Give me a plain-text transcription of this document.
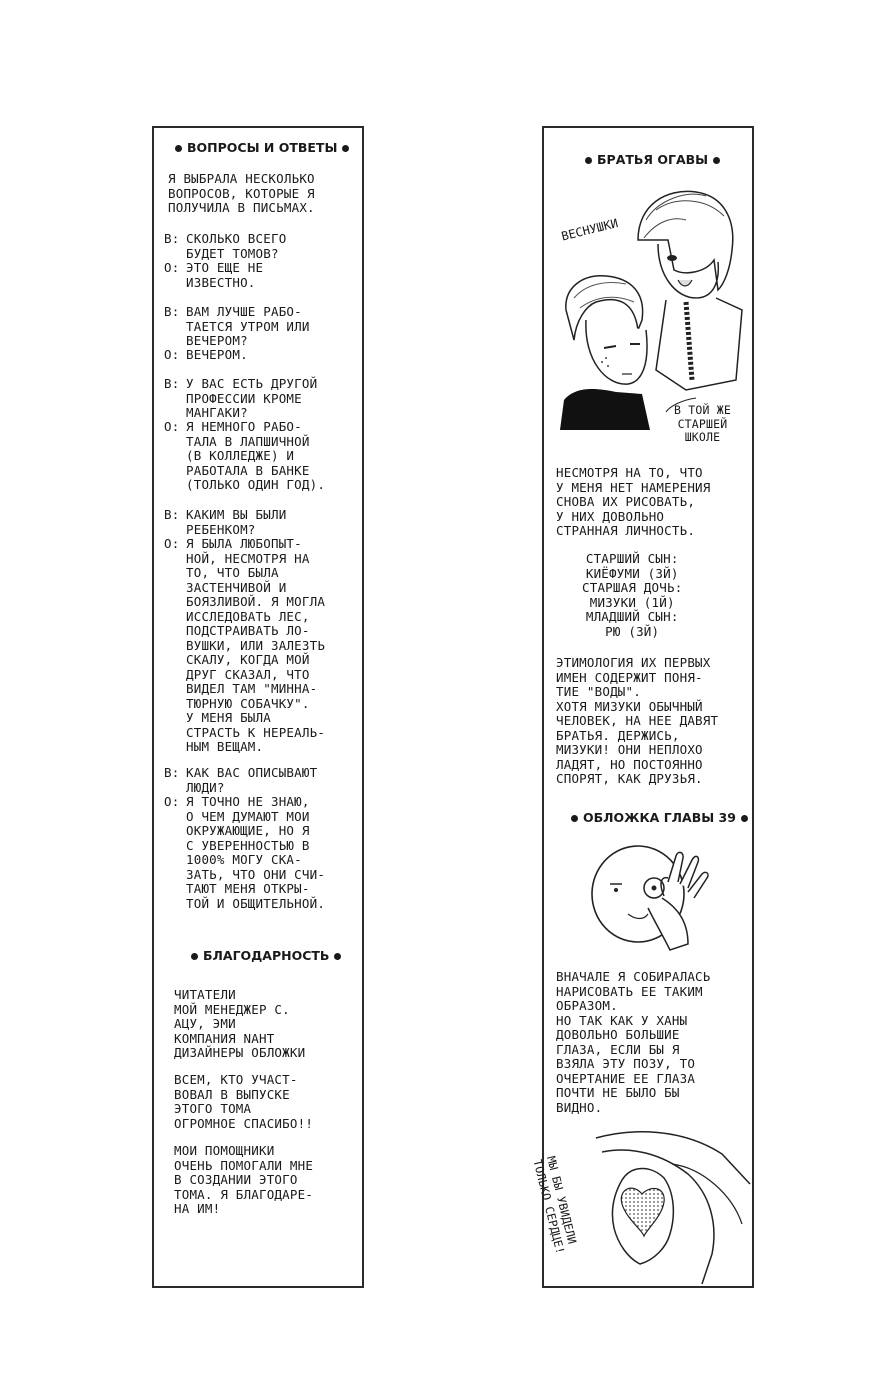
ВОПРОСЫ И ОТВЕТЫ
Я ВЫБРАЛА НЕСКОЛЬКО
ВОПРОСОВ, КОТОРЫЕ Я
ПОЛУЧИЛА В ПИСЬМАХ.
В: СКОЛЬКО ВСЕГО
БУДЕТ ТОМОВ?
О: ЭТО ЕЩЕ НЕ
ИЗВЕСТНО.
В: ВАМ ЛУЧШЕ РАБО-
ТАЕТСЯ УТРОМ ИЛИ
ВЕЧЕРОМ?
О: ВЕЧЕРОМ.
В: У ВАС ЕСТЬ ДРУГОЙ
ПРОФЕССИИ КРОМЕ
МАНГАКИ?
О: Я НЕМНОГО РАБО-
ТАЛА В ЛАПШИЧНОЙ
(В КОЛЛЕДЖЕ) И
РАБОТАЛА В БАНКЕ
(ТОЛЬКО ОДИН ГОД).
В: КАКИМ ВЫ БЫЛИ
РЕБЕНКОМ?
О: Я БЫЛА ЛЮБОПЫТ-
НОЙ, НЕСМОТРЯ НА
ТО, ЧТО БЫЛА
ЗАСТЕНЧИВОЙ И
БОЯЗЛИВОЙ. Я МОГЛА
ИССЛЕДОВАТЬ ЛЕС,
ПОДСТРАИВАТЬ ЛО-
ВУШКИ, ИЛИ ЗАЛЕЗТЬ
СКАЛУ, КОГДА МОЙ
ДРУГ СКАЗАЛ, ЧТО
ВИДЕЛ ТАМ "МИННА-
ТЮРНУЮ СОБАЧКУ".
У МЕНЯ БЫЛА
СТРАСТЬ К НЕРЕАЛЬ-
НЫМ ВЕЩАМ.
В: КАК ВАС ОПИСЫВАЮТ
ЛЮДИ?
О: Я ТОЧНО НЕ ЗНАЮ,
О ЧЕМ ДУМАЮТ МОИ
ОКРУЖАЮЩИЕ, НО Я
С УВЕРЕННОСТЬЮ В
1000% МОГУ СКА-
ЗАТЬ, ЧТО ОНИ СЧИ-
ТАЮТ МЕНЯ ОТКРЫ-
ТОЙ И ОБЩИТЕЛЬНОЙ.
БЛАГОДАРНОСТЬ
ЧИТАТЕЛИ
МОЙ МЕНЕДЖЕР С.
АЦУ, ЭМИ
КОМПАНИЯ NAHT
ДИЗАЙНЕРЫ ОБЛОЖКИ
ВСЕМ, КТО УЧАСТ-
ВОВАЛ В ВЫПУСКЕ
ЭТОГО ТОМА
ОГРОМНОЕ СПАСИБО!!
МОИ ПОМОЩНИКИ
ОЧЕНЬ ПОМОГАЛИ МНЕ
В СОЗДАНИИ ЭТОГО
ТОМА. Я БЛАГОДАРЕ-
НА ИМ!
БРАТЬЯ ОГАВЫ
ВЕСНУШКИ
В ТОЙ ЖЕ
СТАРШЕЙ
ШКОЛЕ
НЕСМОТРЯ НА ТО, ЧТО
У МЕНЯ НЕТ НАМЕРЕНИЯ
СНОВА ИХ РИСОВАТЬ,
У НИХ ДОВОЛЬНО
СТРАННАЯ ЛИЧНОСТЬ.
СТАРШИЙ СЫН:
КИЁФУМИ (3Й)
СТАРШАЯ ДОЧЬ:
МИЗУКИ (1Й)
МЛАДШИЙ СЫН:
РЮ (3Й)
ЭТИМОЛОГИЯ ИХ ПЕРВЫХ
ИМЕН СОДЕРЖИТ ПОНЯ-
ТИЕ "ВОДЫ".
ХОТЯ МИЗУКИ ОБЫЧНЫЙ
ЧЕЛОВЕК, НА НЕЕ ДАВЯТ
БРАТЬЯ. ДЕРЖИСЬ,
МИЗУКИ! ОНИ НЕПЛОХО
ЛАДЯТ, НО ПОСТОЯННО
СПОРЯТ, КАК ДРУЗЬЯ.
ОБЛОЖКА ГЛАВЫ 39
ВНАЧАЛЕ Я СОБИРАЛАСЬ
НАРИСОВАТЬ ЕЕ ТАКИМ
ОБРАЗОМ.
НО ТАК КАК У ХАНЫ
ДОВОЛЬНО БОЛЬШИЕ
ГЛАЗА, ЕСЛИ БЫ Я
ВЗЯЛА ЭТУ ПОЗУ, ТО
ОЧЕРТАНИЕ ЕЕ ГЛАЗА
ПОЧТИ НЕ БЫЛО БЫ
ВИДНО.
МЫ БЫ УВИДЕЛИ
ТОЛЬКО СЕРДЦЕ!
